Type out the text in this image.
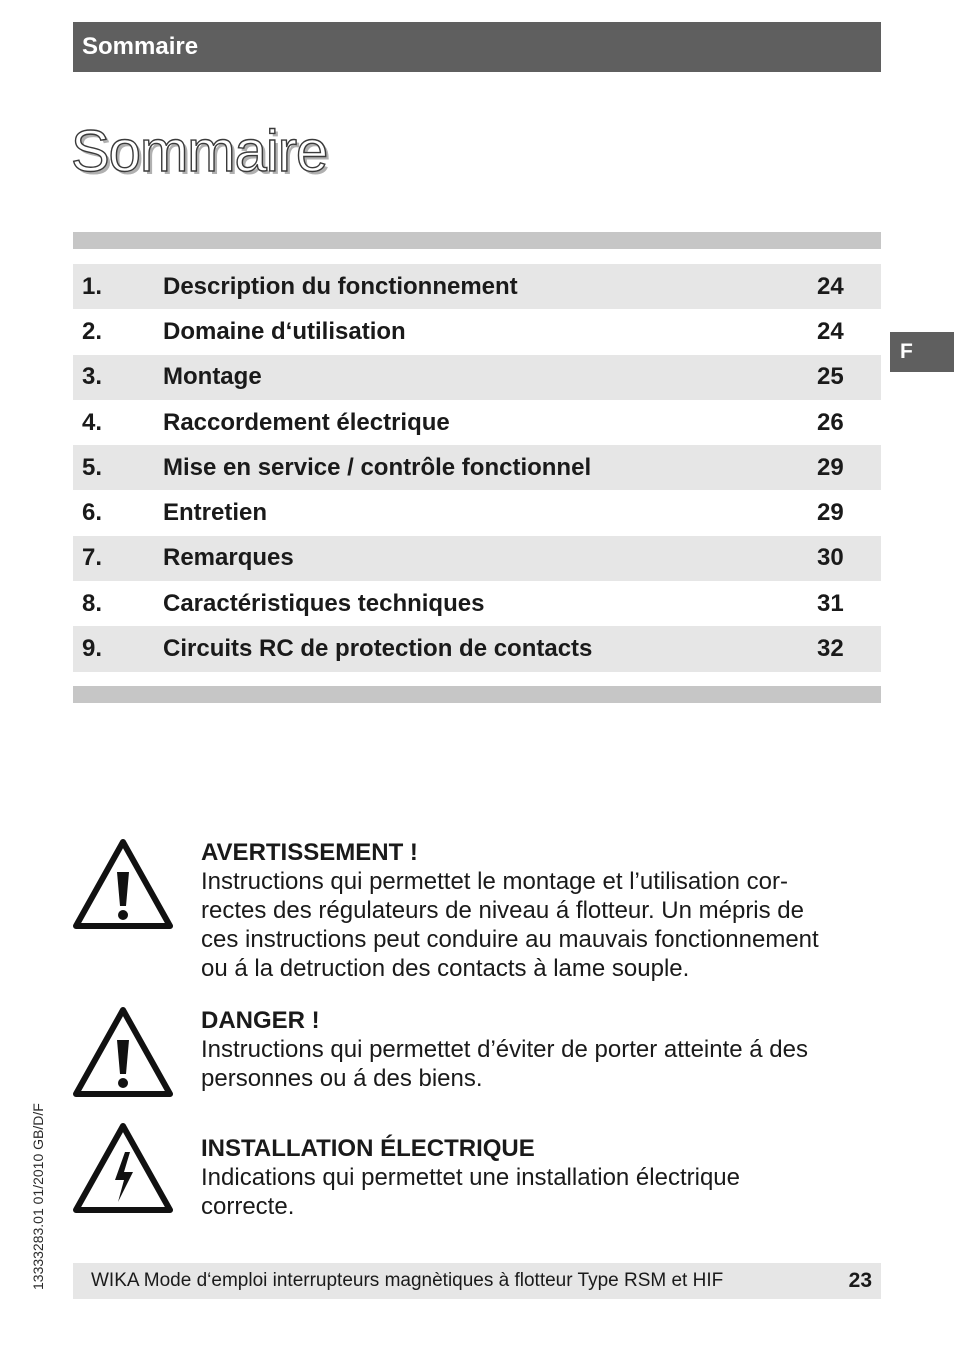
Sommaire
Sommaire
1.	Description du fonctionnement	24
2.	Domaine d‘utilisation	24
3.	Montage	25
4.	Raccordement électrique	26
5.	Mise en service / contrôle fonctionnel	29
6.	Entretien	29
7.	Remarques	30
8.	Caractéristiques techniques	31
9.	Circuits RC de protection de contacts	32
F
AVERTISSEMENT !
Instructions qui permettet le montage et l’utilisation cor-
rectes des régulateurs de niveau á flotteur. Un mépris de
ces instructions peut conduire au mauvais fonctionnement
ou á la detruction des contacts à lame souple.
DANGER !
Instructions qui permettet d’éviter de porter atteinte á des
personnes ou á des biens.
INSTALLATION ÉLECTRIQUE
Indications qui permettet une installation électrique
correcte.
13333283.01 01/2010 GB/D/F WIKA Mode d‘emploi interrupteurs magnètiques à flotteur Type RSM et HIF	23
